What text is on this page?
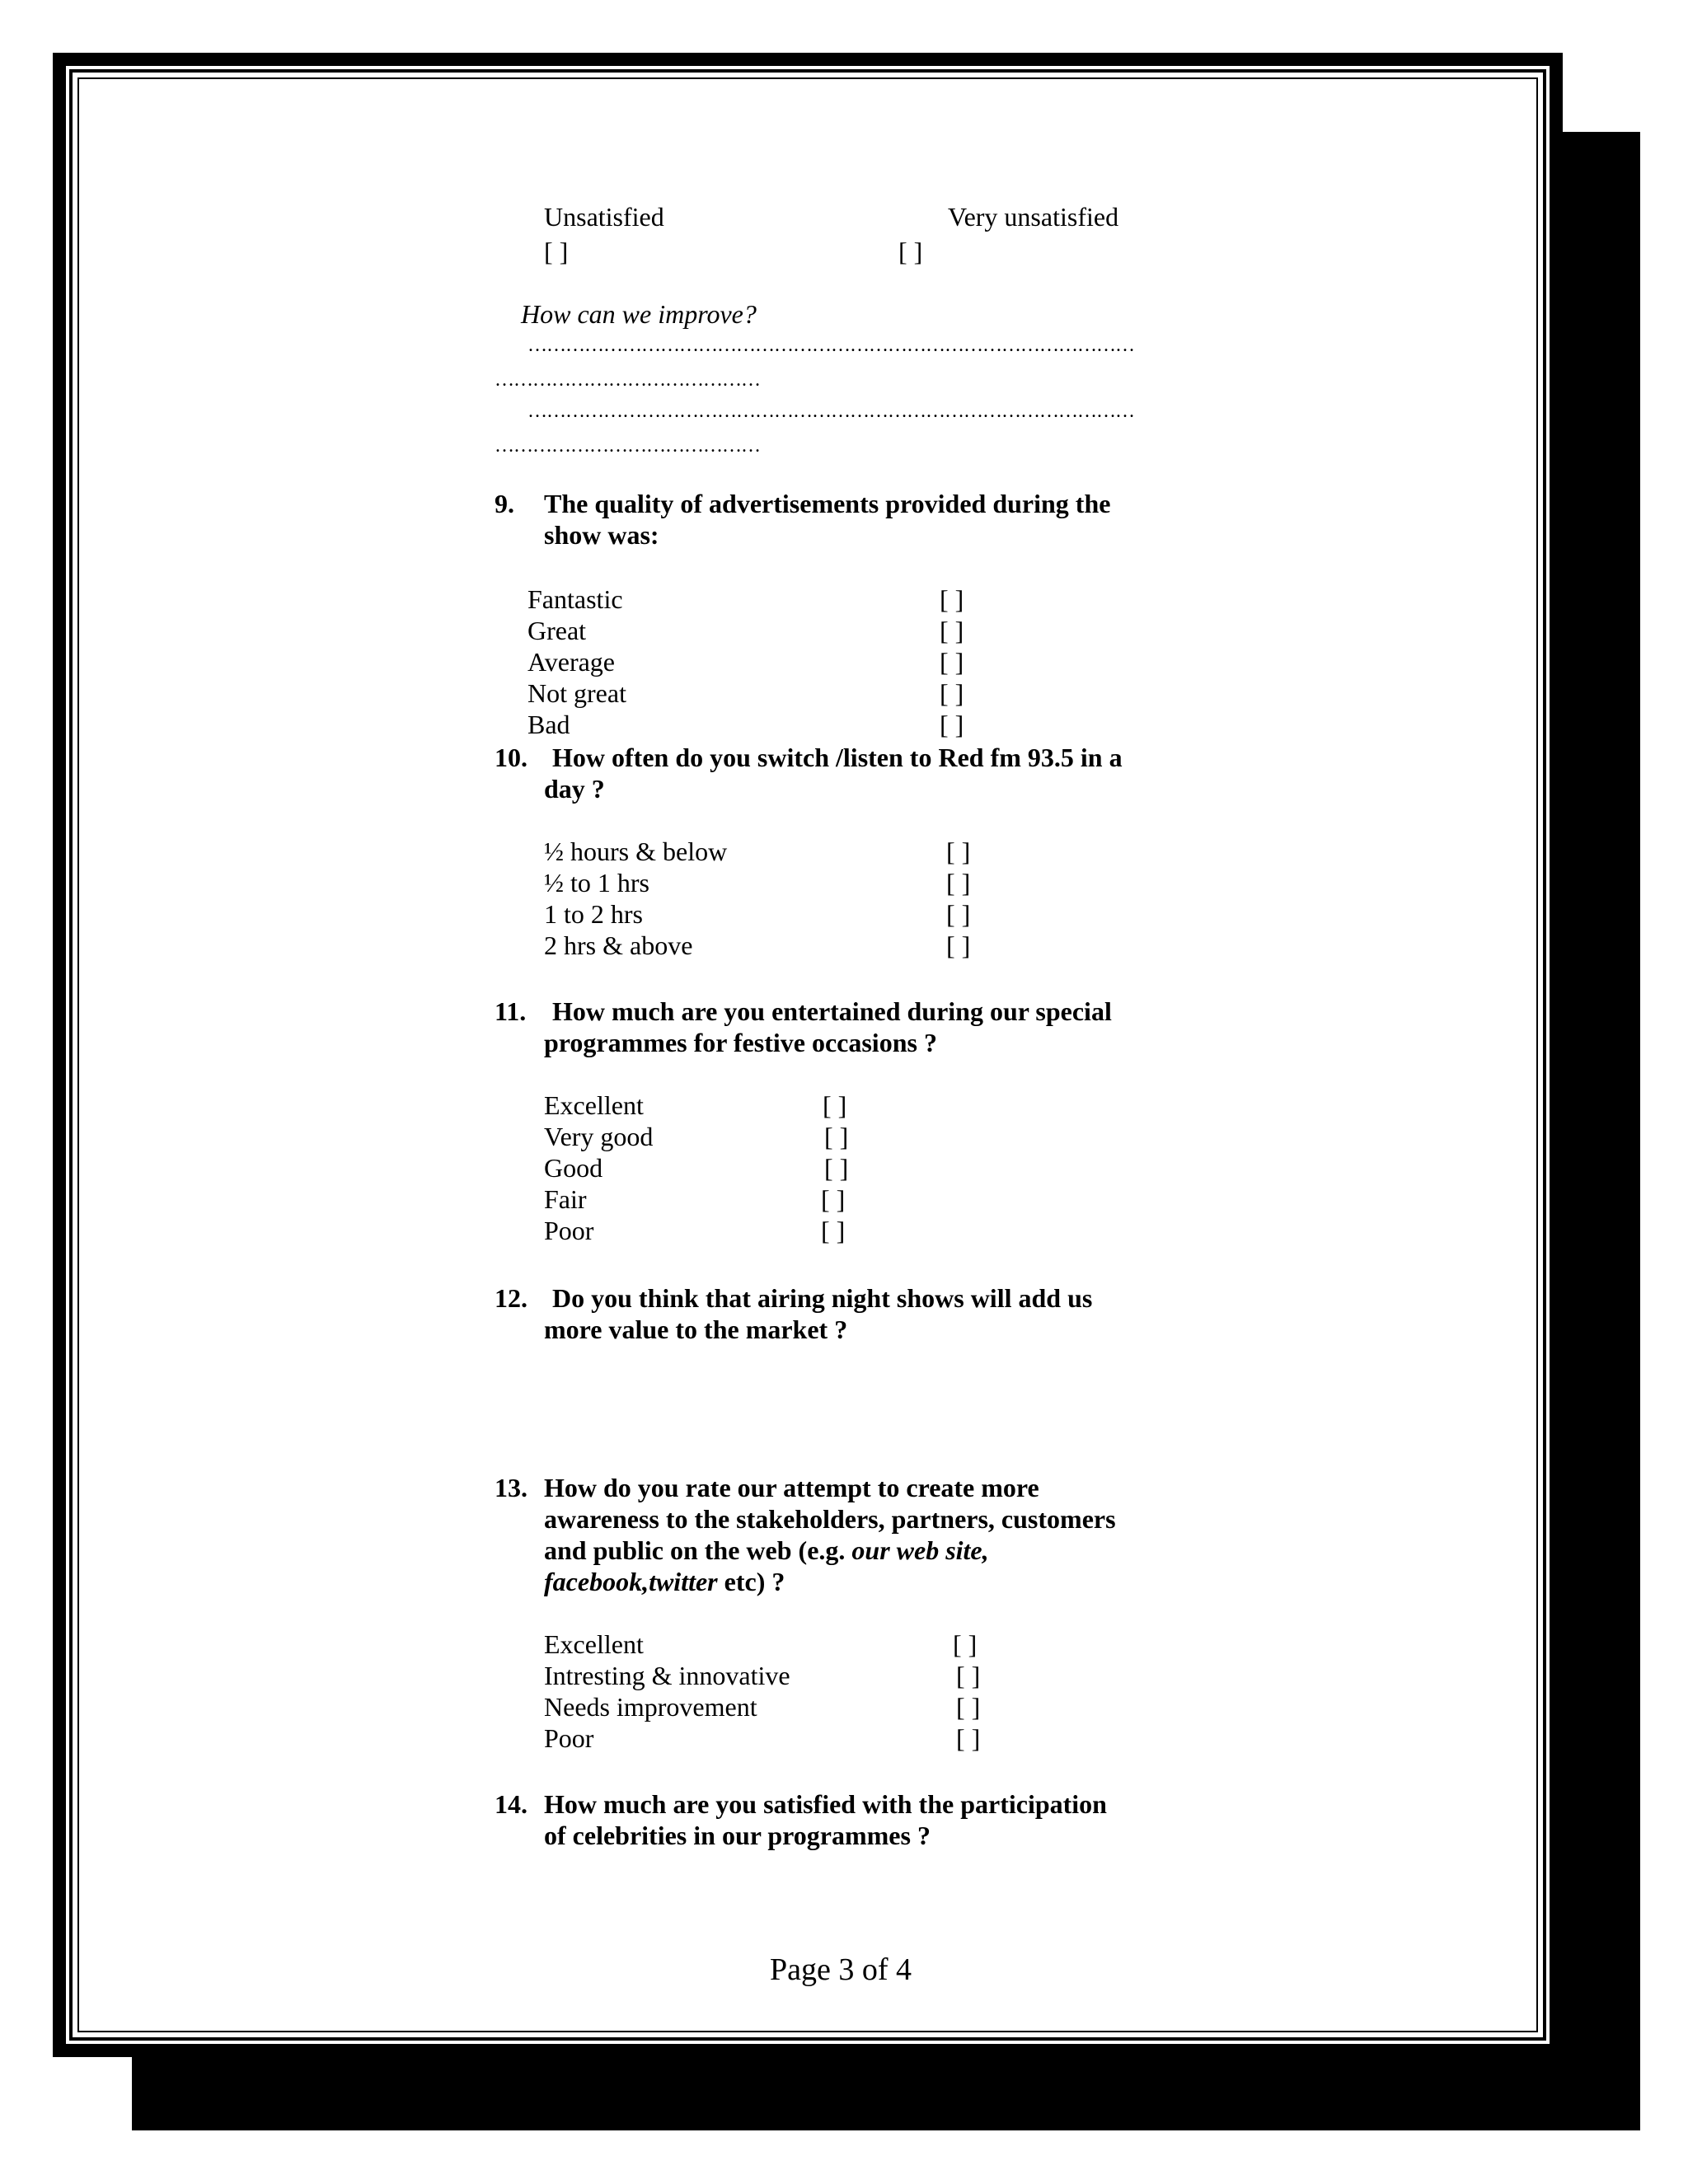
Unsatisfied	Very unsatisfied
[ ]	[ ]
How can we improve?
……………………………………………………………………………………
……………………………………
……………………………………………………………………………………
……………………………………
9. The quality of advertisements provided during the
show was:
Fantastic
Great
Average
Not great
Bad
[ ]
[ ]
[ ]
[ ]
[ ]
10. How often do you switch /listen to Red fm 93.5 in a
day ?
½ hours & below
½ to 1 hrs
1 to 2 hrs
2 hrs & above
[ ]
[ ]
[ ]
[ ]
11. How much are you entertained during our special
programmes for festive occasions ?
Excellent
Very good
Good
Fair
Poor
[ ]
[ ]
[ ]
[ ]
[ ]
12. Do you think that airing night shows will add us
more value to the market ?
13. How do you rate our attempt to create more
awareness to the stakeholders, partners, customers
and public on the web (e.g. our web site,
facebook,twitter etc) ?
Excellent
Intresting & innovative
Needs improvement
Poor
[ ]
[ ]
[ ]
[ ]
14. How much are you satisfied with the participation
of celebrities in our programmes ?
Page 3 of 4
